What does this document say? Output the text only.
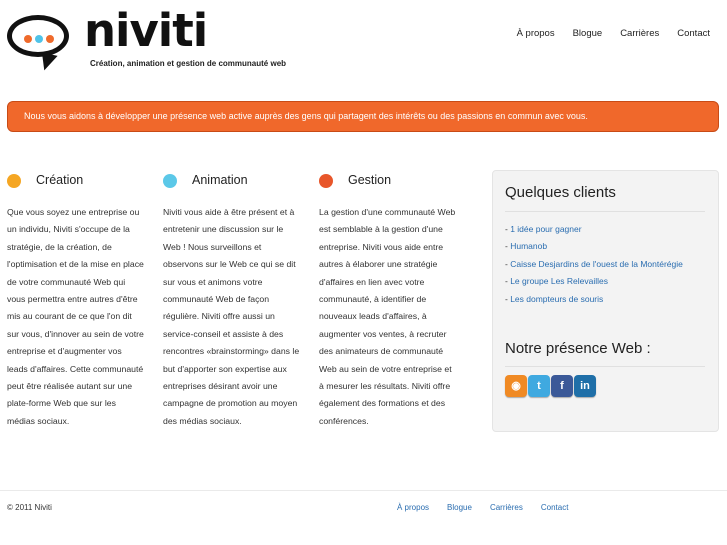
niviti
Création, animation et gestion de communauté web
À propos Blogue Carrières Contact
Nous vous aidons à développer une présence web active auprès des gens qui partagent des intérêts ou des passions en commun avec vous.
Création

Que vous soyez une entreprise ou un individu, Niviti s'occupe de la stratégie, de la création, de l'optimisation et de la mise en place de votre communauté Web qui vous permettra entre autres d'être mis au courant de ce que l'on dit sur vous, d'innover au sein de votre entreprise et d'augmenter vos leads d'affaires. Cette communauté peut être réalisée autant sur une plate-forme Web que sur les médias sociaux.

Animation

Niviti vous aide à être présent et à entretenir une discussion sur le Web ! Nous surveillons et observons sur le Web ce qui se dit sur vous et animons votre communauté Web de façon régulière. Niviti offre aussi un service-conseil et assiste à des rencontres «brainstorming» dans le but d'apporter son expertise aux entreprises désirant avoir une campagne de promotion au moyen des médias sociaux.

Gestion

La gestion d'une communauté Web est semblable à la gestion d'une entreprise. Niviti vous aide entre autres à élaborer une stratégie d'affaires en lien avec votre communauté, à identifier de nouveaux leads d'affaires, à augmenter vos ventes, à recruter des animateurs de communauté Web au sein de votre entreprise et à mesurer les résultats. Niviti offre également des formations et des conférences.

Quelques clients
- 1 idée pour gagner
- Humanob
- Caisse Desjardins de l'ouest de la Montérégie
- Le groupe Les Relevailles
- Les dompteurs de souris
Notre présence Web :
◉	t	f	in
© 2011 Niviti	À propos Blogue Carrières Contact
